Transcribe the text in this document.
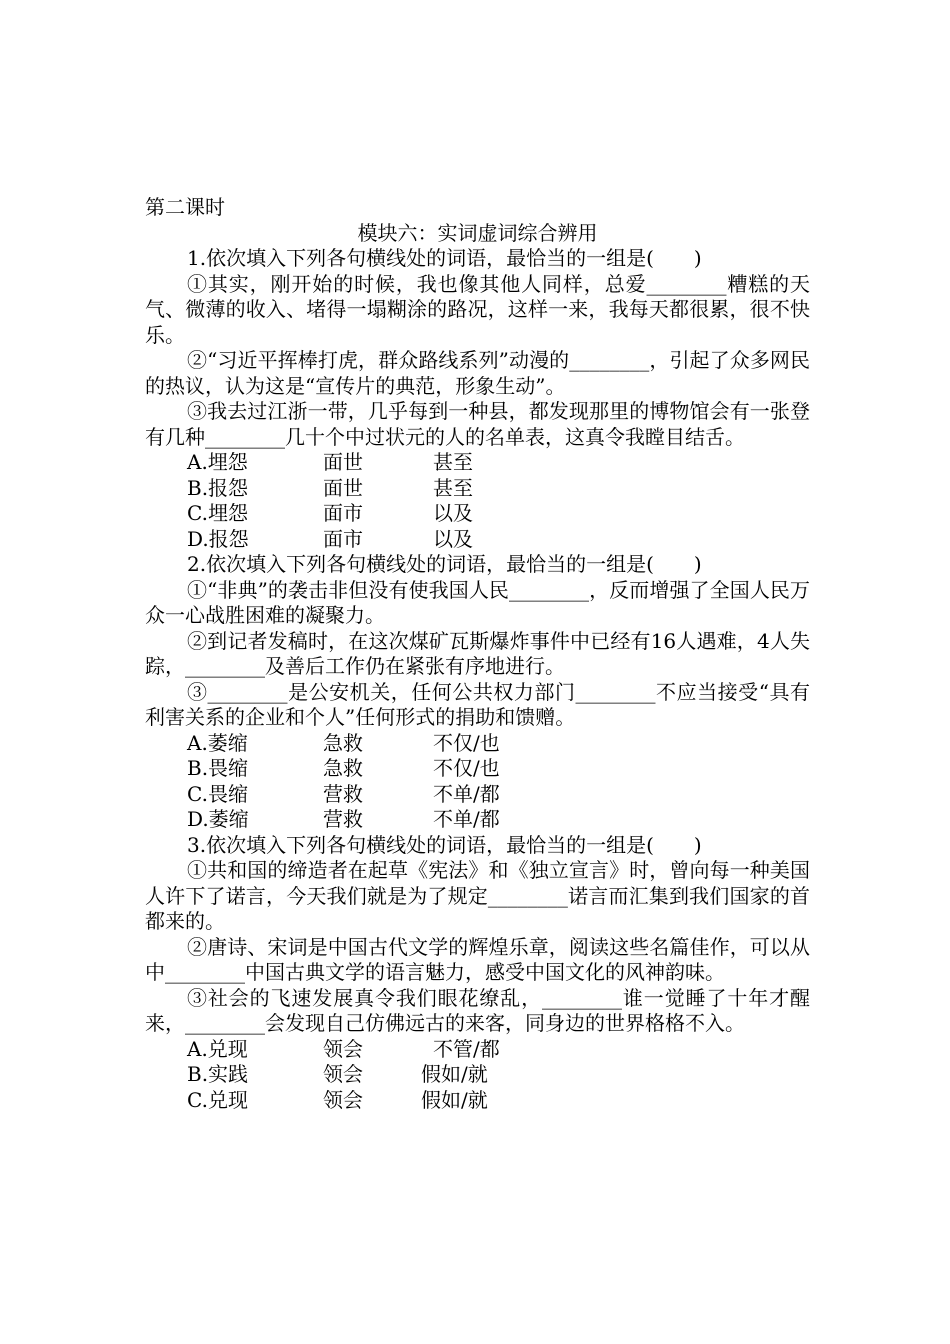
第二课时

模块六：实词虚词综合辨用

1.依次填入下列各句横线处的词语，最恰当的一组是(　　)

①其实，刚开始的时候，我也像其他人同样，总爱________糟糕的天气、微薄的收入、堵得一塌糊涂的路况，这样一来，我每天都很累，很不快乐。

②“习近平挥棒打虎，群众路线系列”动漫的________，引起了众多网民的热议，认为这是“宣传片的典范，形象生动”。

③我去过江浙一带，几乎每到一种县，都发现那里的博物馆会有一张登有几种________几十个中过状元的人的名单表，这真令我瞠目结舌。

A.埋怨	面世	甚至
B.报怨	面世	甚至
C.埋怨	面市	以及
D.报怨	面市	以及

2.依次填入下列各句横线处的词语，最恰当的一组是(　　)

①“非典”的袭击非但没有使我国人民________，反而增强了全国人民万众一心战胜困难的凝聚力。

②到记者发稿时，在这次煤矿瓦斯爆炸事件中已经有16人遇难，4人失踪，________及善后工作仍在紧张有序地进行。

③________是公安机关，任何公共权力部门________不应当接受“具有利害关系的企业和个人”任何形式的捐助和馈赠。

A.萎缩	急救	不仅/也
B.畏缩	急救	不仅/也
C.畏缩	营救	不单/都
D.萎缩	营救	不单/都

3.依次填入下列各句横线处的词语，最恰当的一组是(　　)

①共和国的缔造者在起草《宪法》和《独立宣言》时，曾向每一种美国人许下了诺言，今天我们就是为了规定________诺言而汇集到我们国家的首都来的。

②唐诗、宋词是中国古代文学的辉煌乐章，阅读这些名篇佳作，可以从中________中国古典文学的语言魅力，感受中国文化的风神韵味。

③社会的飞速发展真令我们眼花缭乱，________谁一觉睡了十年才醒来，________会发现自己仿佛远古的来客，同身边的世界格格不入。

A.兑现	领会	不管/都
B.实践	领会	假如/就
C.兑现	领会	假如/就
